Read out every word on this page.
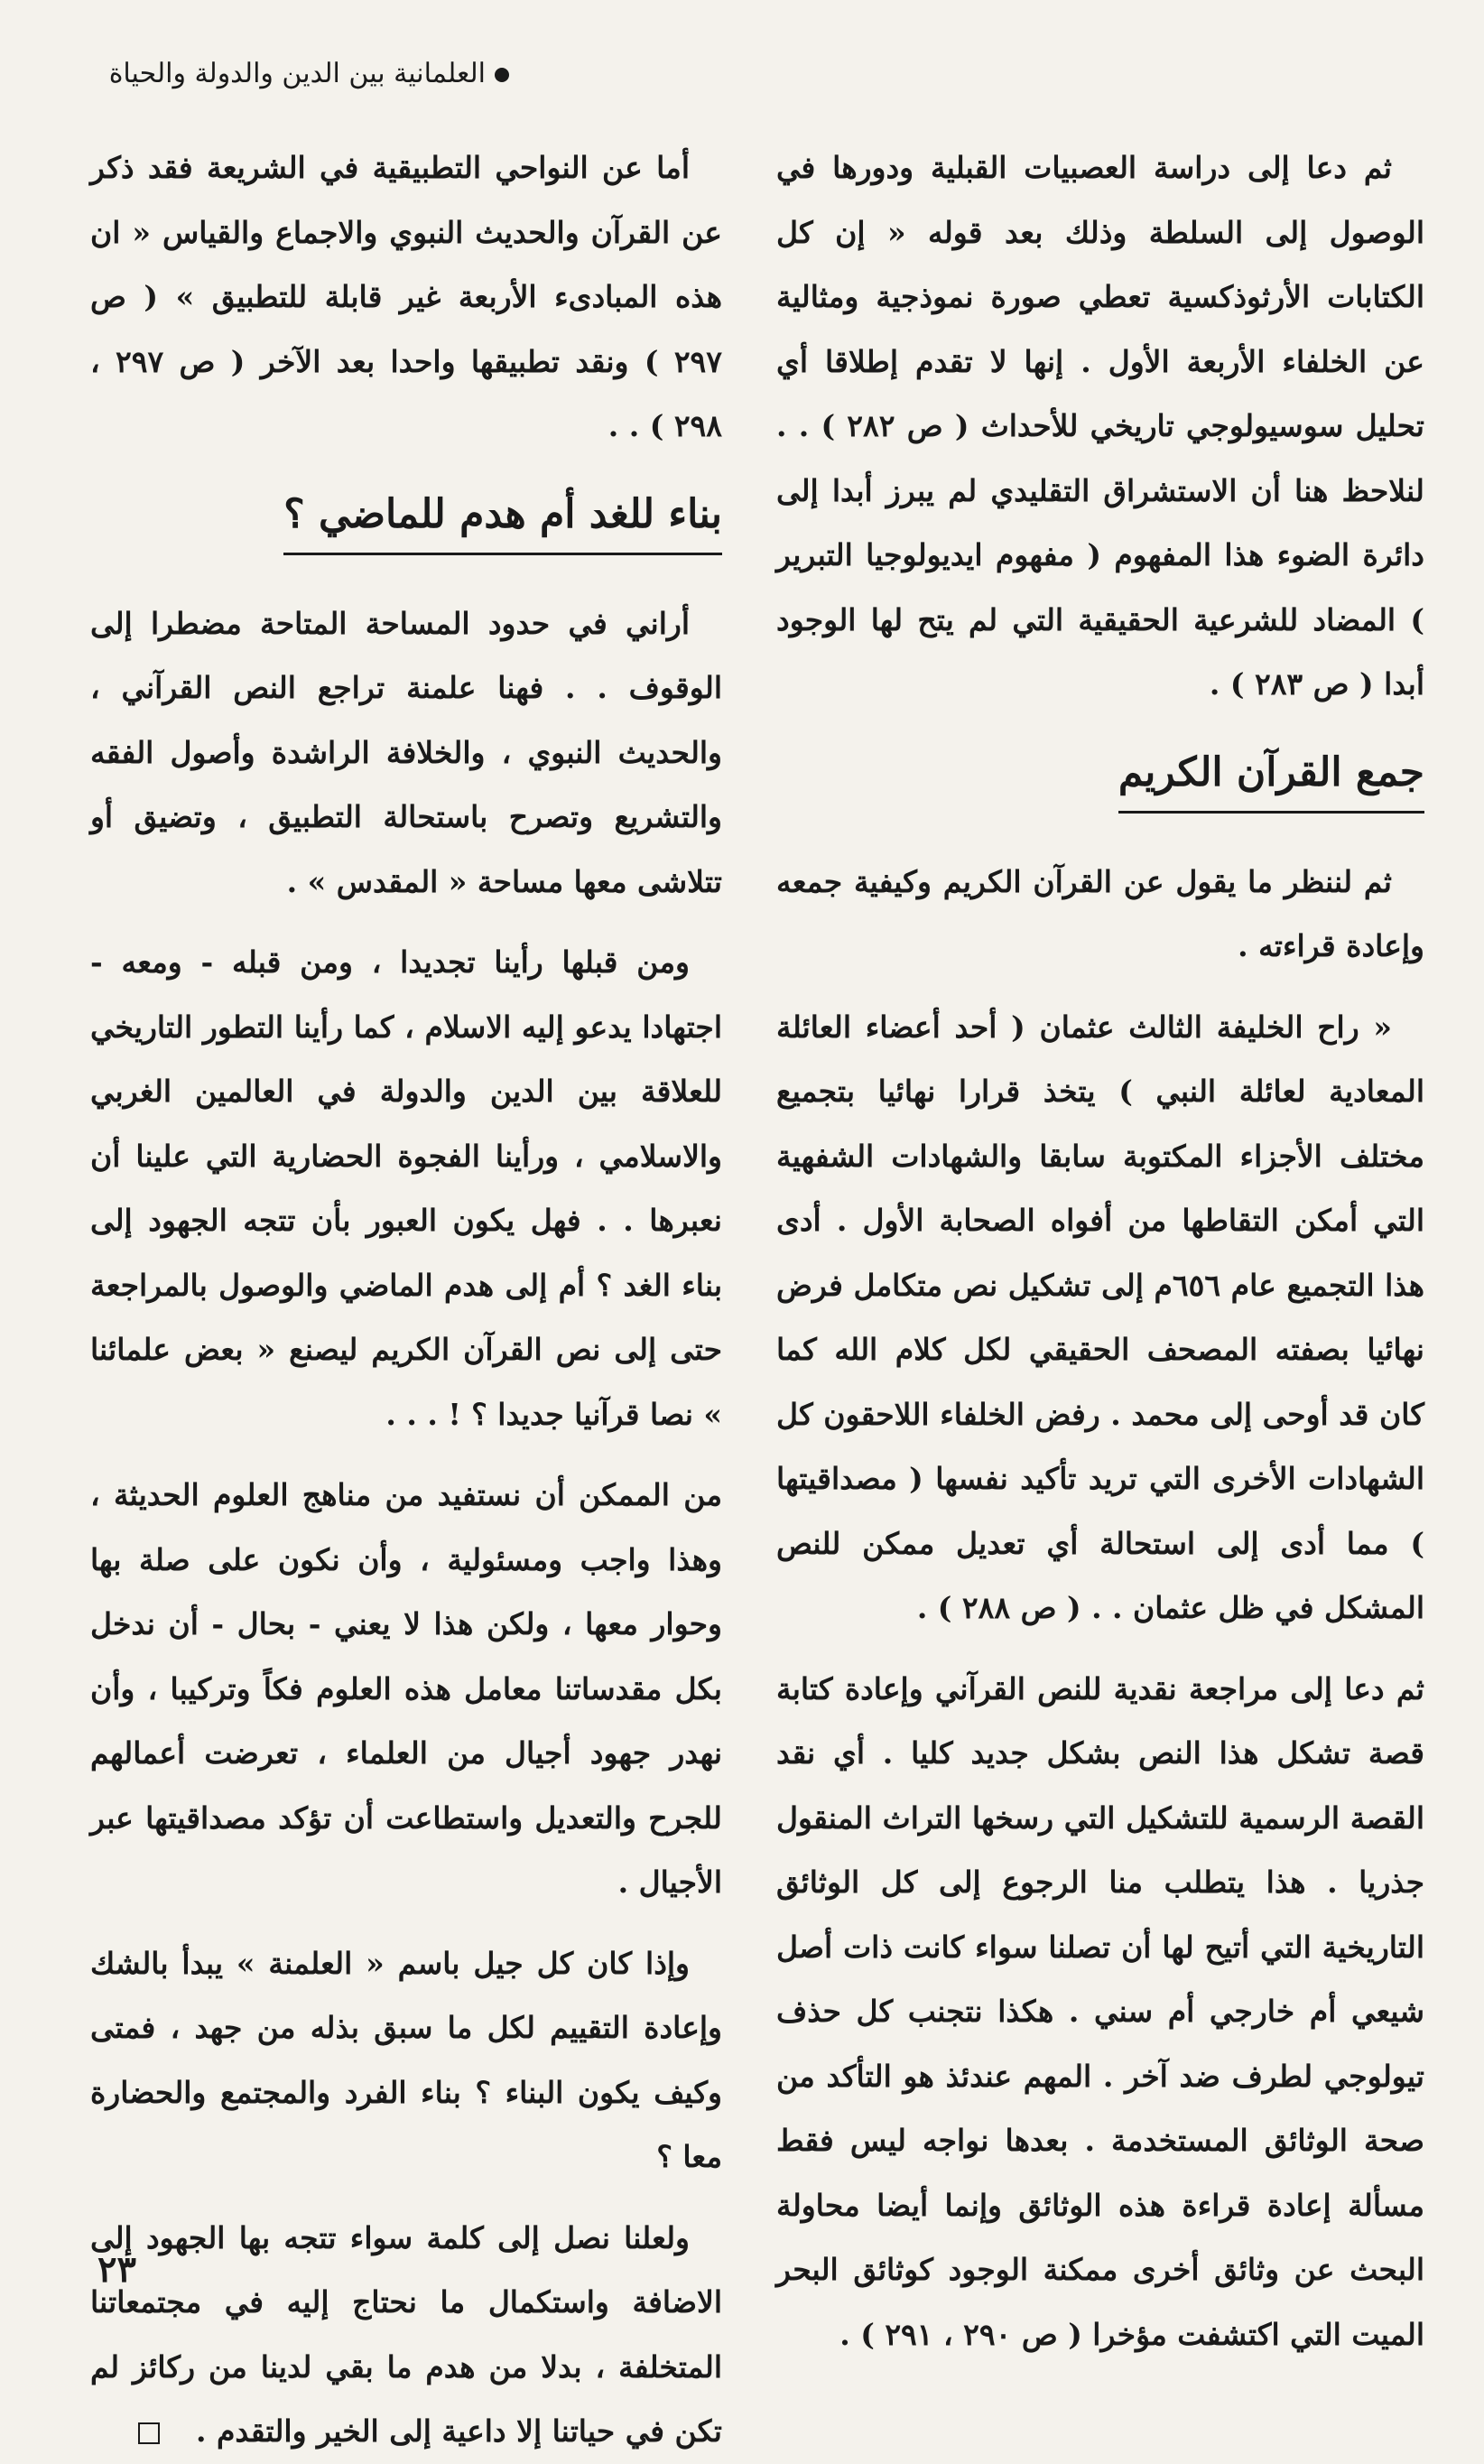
العلمانية بين الدين والدولة والحياة

ثم دعا إلى دراسة العصبيات القبلية ودورها في الوصول إلى السلطة وذلك بعد قوله « إن كل الكتابات الأرثوذكسية تعطي صورة نموذجية ومثالية عن الخلفاء الأربعة الأول . إنها لا تقدم إطلاقا أي تحليل سوسيولوجي تاريخي للأحداث ( ص ٢٨٢ ) . . لنلاحظ هنا أن الاستشراق التقليدي لم يبرز أبدا إلى دائرة الضوء هذا المفهوم ( مفهوم ايديولوجيا التبرير ) المضاد للشرعية الحقيقية التي لم يتح لها الوجود أبدا ( ص ٢٨٣ ) .

جمع القرآن الكريم

ثم لننظر ما يقول عن القرآن الكريم وكيفية جمعه وإعادة قراءته .

« راح الخليفة الثالث عثمان ( أحد أعضاء العائلة المعادية لعائلة النبي ) يتخذ قرارا نهائيا بتجميع مختلف الأجزاء المكتوبة سابقا والشهادات الشفهية التي أمكن التقاطها من أفواه الصحابة الأول . أدى هذا التجميع عام ٦٥٦م إلى تشكيل نص متكامل فرض نهائيا بصفته المصحف الحقيقي لكل كلام الله كما كان قد أوحى إلى محمد . رفض الخلفاء اللاحقون كل الشهادات الأخرى التي تريد تأكيد نفسها ( مصداقيتها ) مما أدى إلى استحالة أي تعديل ممكن للنص المشكل في ظل عثمان . . ( ص ٢٨٨ ) .

ثم دعا إلى مراجعة نقدية للنص القرآني وإعادة كتابة قصة تشكل هذا النص بشكل جديد كليا . أي نقد القصة الرسمية للتشكيل التي رسخها التراث المنقول جذريا . هذا يتطلب منا الرجوع إلى كل الوثائق التاريخية التي أتيح لها أن تصلنا سواء كانت ذات أصل شيعي أم خارجي أم سني . هكذا نتجنب كل حذف تيولوجي لطرف ضد آخر . المهم عندئذ هو التأكد من صحة الوثائق المستخدمة . بعدها نواجه ليس فقط مسألة إعادة قراءة هذه الوثائق وإنما أيضا محاولة البحث عن وثائق أخرى ممكنة الوجود كوثائق البحر الميت التي اكتشفت مؤخرا ( ص ٢٩٠ ، ٢٩١ ) .

أما عن النواحي التطبيقية في الشريعة فقد ذكر عن القرآن والحديث النبوي والاجماع والقياس « ان هذه المبادىء الأربعة غير قابلة للتطبيق » ( ص ٢٩٧ ) ونقد تطبيقها واحدا بعد الآخر ( ص ٢٩٧ ، ٢٩٨ ) . .

بناء للغد أم هدم للماضي ؟

أراني في حدود المساحة المتاحة مضطرا إلى الوقوف . . فهنا علمنة تراجع النص القرآني ، والحديث النبوي ، والخلافة الراشدة وأصول الفقه والتشريع وتصرح باستحالة التطبيق ، وتضيق أو تتلاشى معها مساحة « المقدس » .

ومن قبلها رأينا تجديدا ، ومن قبله - ومعه - اجتهادا يدعو إليه الاسلام ، كما رأينا التطور التاريخي للعلاقة بين الدين والدولة في العالمين الغربي والاسلامي ، ورأينا الفجوة الحضارية التي علينا أن نعبرها . . فهل يكون العبور بأن تتجه الجهود إلى بناء الغد ؟ أم إلى هدم الماضي والوصول بالمراجعة حتى إلى نص القرآن الكريم ليصنع « بعض علمائنا » نصا قرآنيا جديدا ؟ ! . . .

من الممكن أن نستفيد من مناهج العلوم الحديثة ، وهذا واجب ومسئولية ، وأن نكون على صلة بها وحوار معها ، ولكن هذا لا يعني - بحال - أن ندخل بكل مقدساتنا معامل هذه العلوم فكاً وتركيبا ، وأن نهدر جهود أجيال من العلماء ، تعرضت أعمالهم للجرح والتعديل واستطاعت أن تؤكد مصداقيتها عبر الأجيال .

وإذا كان كل جيل باسم « العلمنة » يبدأ بالشك وإعادة التقييم لكل ما سبق بذله من جهد ، فمتى وكيف يكون البناء ؟ بناء الفرد والمجتمع والحضارة معا ؟

ولعلنا نصل إلى كلمة سواء تتجه بها الجهود إلى الاضافة واستكمال ما نحتاج إليه في مجتمعاتنا المتخلفة ، بدلا من هدم ما بقي لدينا من ركائز لم تكن في حياتنا إلا داعية إلى الخير والتقدم .

٢٣
